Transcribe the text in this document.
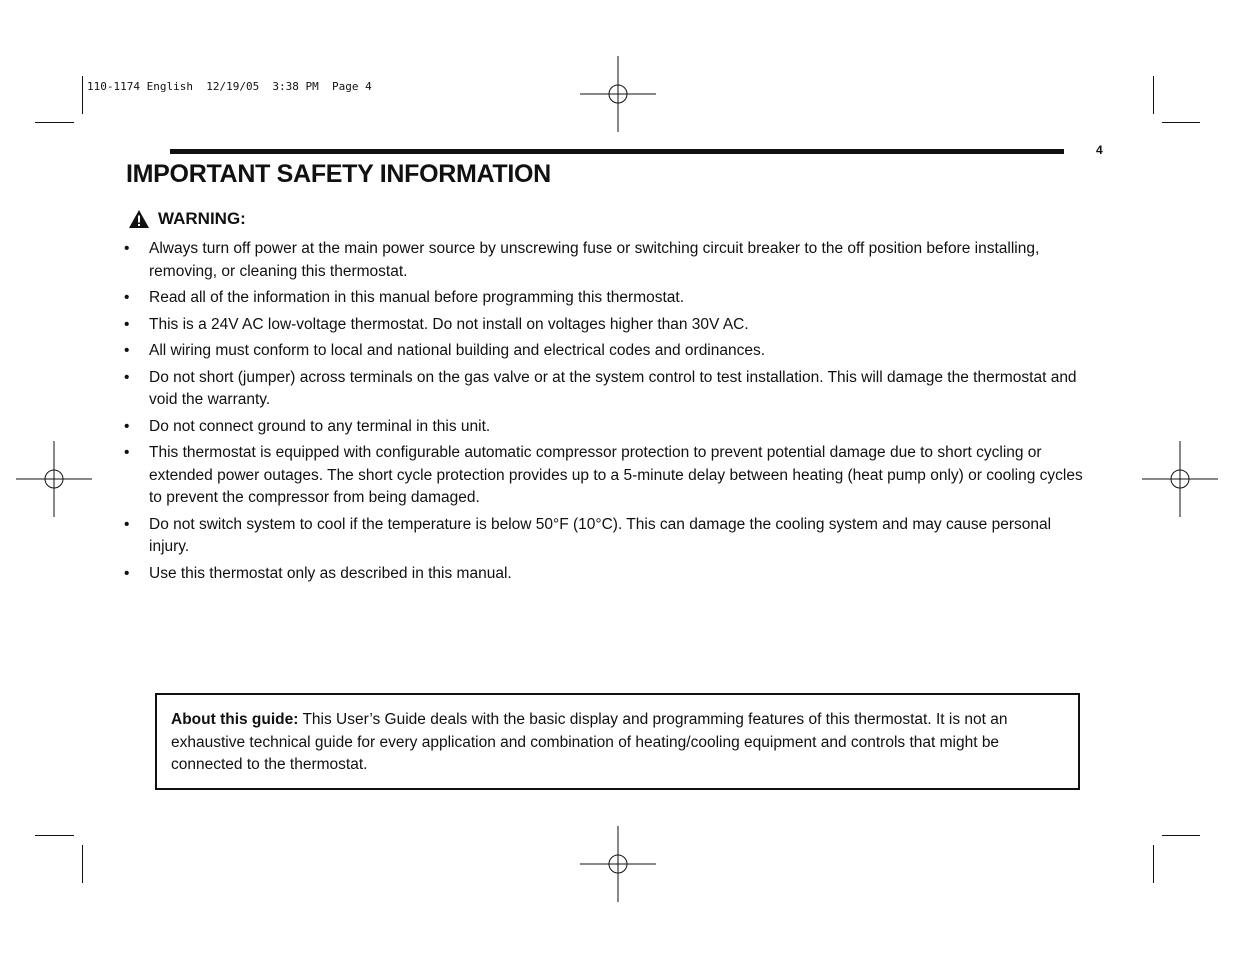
110-1174 English  12/19/05  3:38 PM  Page 4
4
IMPORTANT SAFETY INFORMATION
WARNING:
• Always turn off power at the main power source by unscrewing fuse or switching circuit breaker to the off position before installing, removing, or cleaning this thermostat.
• Read all of the information in this manual before programming this thermostat.
• This is a 24V AC low-voltage thermostat. Do not install on voltages higher than 30V AC.
• All wiring must conform to local and national building and electrical codes and ordinances.
• Do not short (jumper) across terminals on the gas valve or at the system control to test installation. This will damage the thermostat and void the warranty.
• Do not connect ground to any terminal in this unit.
• This thermostat is equipped with configurable automatic compressor protection to prevent potential damage due to short cycling or extended power outages. The short cycle protection provides up to a 5-minute delay between heating (heat pump only) or cooling cycles to prevent the compressor from being damaged.
• Do not switch system to cool if the temperature is below 50°F (10°C). This can damage the cooling system and may cause personal injury.
• Use this thermostat only as described in this manual.
About this guide: This User’s Guide deals with the basic display and programming features of this thermostat. It is not an exhaustive technical guide for every application and combination of heating/cooling equipment and controls that might be connected to the thermostat.
